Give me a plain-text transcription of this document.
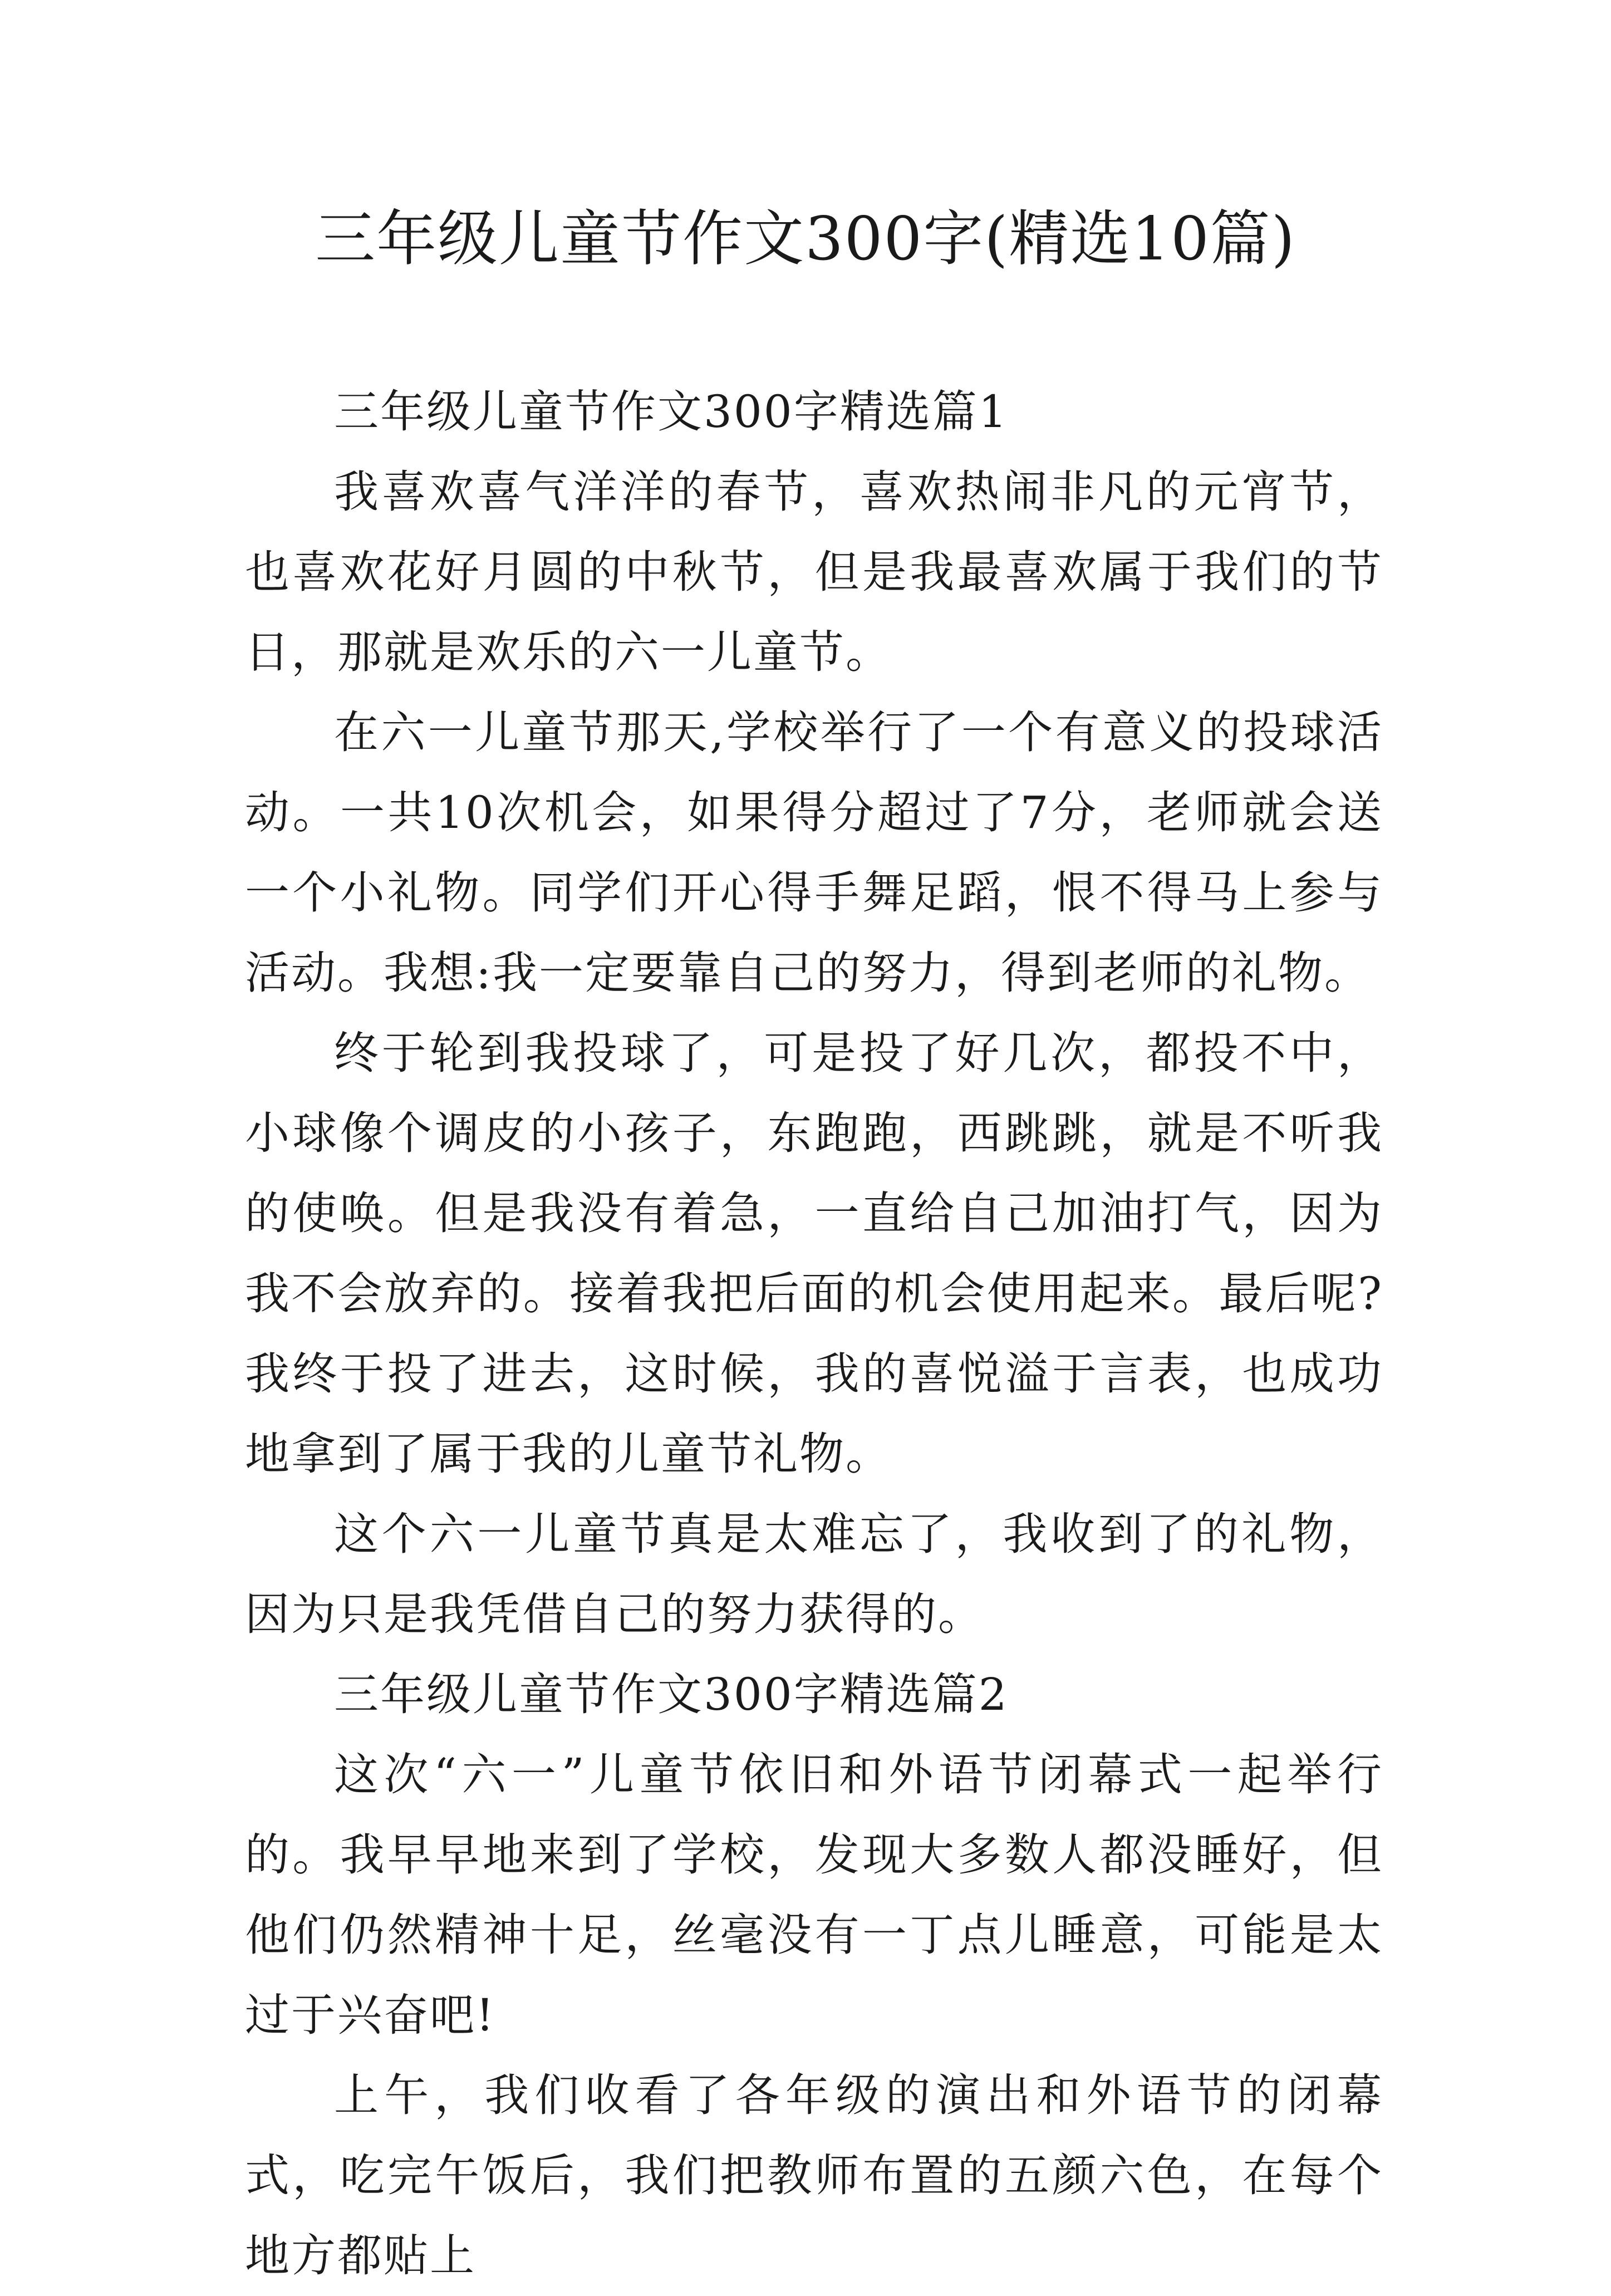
三年级儿童节作文300字(精选10篇)

三年级儿童节作文300字精选篇1

我喜欢喜气洋洋的春节，喜欢热闹非凡的元宵节，也喜欢花好月圆的中秋节，但是我最喜欢属于我们的节日，那就是欢乐的六一儿童节。

在六一儿童节那天,学校举行了一个有意义的投球活动。一共10次机会，如果得分超过了7分，老师就会送一个小礼物。同学们开心得手舞足蹈，恨不得马上参与活动。我想:我一定要靠自己的努力，得到老师的礼物。

终于轮到我投球了，可是投了好几次，都投不中，小球像个调皮的小孩子，东跑跑，西跳跳，就是不听我的使唤。但是我没有着急，一直给自己加油打气，因为我不会放弃的。接着我把后面的机会使用起来。最后呢?我终于投了进去，这时候，我的喜悦溢于言表，也成功地拿到了属于我的儿童节礼物。

这个六一儿童节真是太难忘了，我收到了的礼物，因为只是我凭借自己的努力获得的。

三年级儿童节作文300字精选篇2

这次“六一”儿童节依旧和外语节闭幕式一起举行的。我早早地来到了学校，发现大多数人都没睡好，但他们仍然精神十足，丝毫没有一丁点儿睡意，可能是太过于兴奋吧!

上午，我们收看了各年级的演出和外语节的闭幕式，吃完午饭后，我们把教师布置的五颜六色，在每个地方都贴上
